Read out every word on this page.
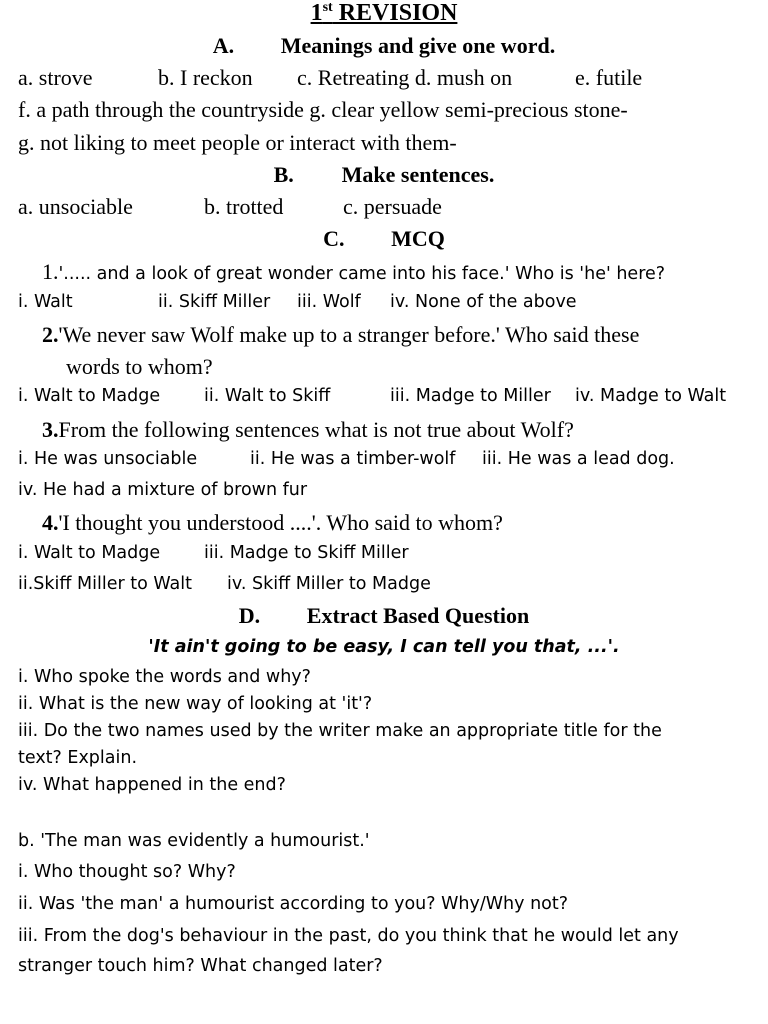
1st REVISION
A. Meanings and give one word.
a. strove	b. I reckon c. Retreating d. mush on	e. futile
f. a path through the countryside g. clear yellow semi-precious stone-
g. not liking to meet people or interact with them-
B. Make sentences.
a. unsociable	b. trotted	c. persuade
C. MCQ
1.'..... and a look of great wonder came into his face.' Who is 'he' here?
i. Walt	ii. Skiff Miller iii. Wolf iv. None of the above
2.'We never saw Wolf make up to a stranger before.' Who said these
words to whom?
i. Walt to Madge	ii. Walt to Skiff	iii. Madge to Miller iv. Madge to Walt
3.From the following sentences what is not true about Wolf?
i. He was unsociable	ii. He was a timber-wolf iii. He was a lead dog.
iv. He had a mixture of brown fur
4.'I thought you understood ....'. Who said to whom?
i. Walt to Madge	iii. Madge to Skiff Miller
ii.Skiff Miller to Walt iv. Skiff Miller to Madge
D. Extract Based Question
'It ain't going to be easy, I can tell you that, ...'.
i. Who spoke the words and why?
ii. What is the new way of looking at 'it'?
iii. Do the two names used by the writer make an appropriate title for the
text? Explain.
iv. What happened in the end?
b. 'The man was evidently a humourist.'
i. Who thought so? Why?
ii. Was 'the man' a humourist according to you? Why/Why not?
iii. From the dog's behaviour in the past, do you think that he would let any
stranger touch him? What changed later?
